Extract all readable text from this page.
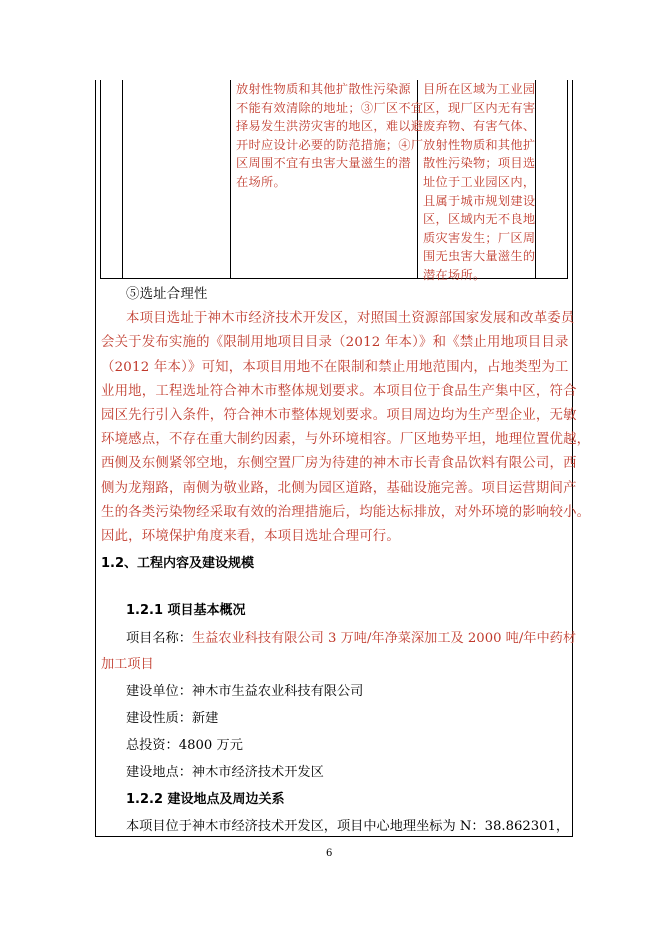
放射性物质和其他扩散性污染源
不能有效清除的地址；③厂区不宜
择易发生洪涝灾害的地区，难以避
开时应设计必要的防范措施；④厂
区周围不宜有虫害大量滋生的潜
在场所。
目所在区域为工业园
区，现厂区内无有害
废弃物、有害气体、
放射性物质和其他扩
散性污染物；项目选
址位于工业园区内，
且属于城市规划建设
区，区域内无不良地
质灾害发生；厂区周
围无虫害大量滋生的
潜在场所。
⑤选址合理性
本项目选址于神木市经济技术开发区，对照国土资源部国家发展和改革委员
会关于发布实施的《限制用地项目目录（2012 年本）》和《禁止用地项目目录
（2012 年本）》可知，本项目用地不在限制和禁止用地范围内，占地类型为工
业用地，工程选址符合神木市整体规划要求。本项目位于食品生产集中区，符合
园区先行引入条件，符合神木市整体规划要求。项目周边均为生产型企业，无敏
环境感点，不存在重大制约因素，与外环境相容。厂区地势平坦，地理位置优越，
西侧及东侧紧邻空地，东侧空置厂房为待建的神木市长青食品饮料有限公司，西
侧为龙翔路，南侧为敬业路，北侧为园区道路，基础设施完善。项目运营期间产
生的各类污染物经采取有效的治理措施后，均能达标排放，对外环境的影响较小。
因此，环境保护角度来看，本项目选址合理可行。
1.2、工程内容及建设规模
1.2.1 项目基本概况
项目名称：生益农业科技有限公司 3 万吨/年净菜深加工及 2000 吨/年中药材
加工项目
建设单位：神木市生益农业科技有限公司
建设性质：新建
总投资：4800 万元
建设地点：神木市经济技术开发区
1.2.2 建设地点及周边关系
本项目位于神木市经济技术开发区，项目中心地理坐标为 N：38.862301，
6
